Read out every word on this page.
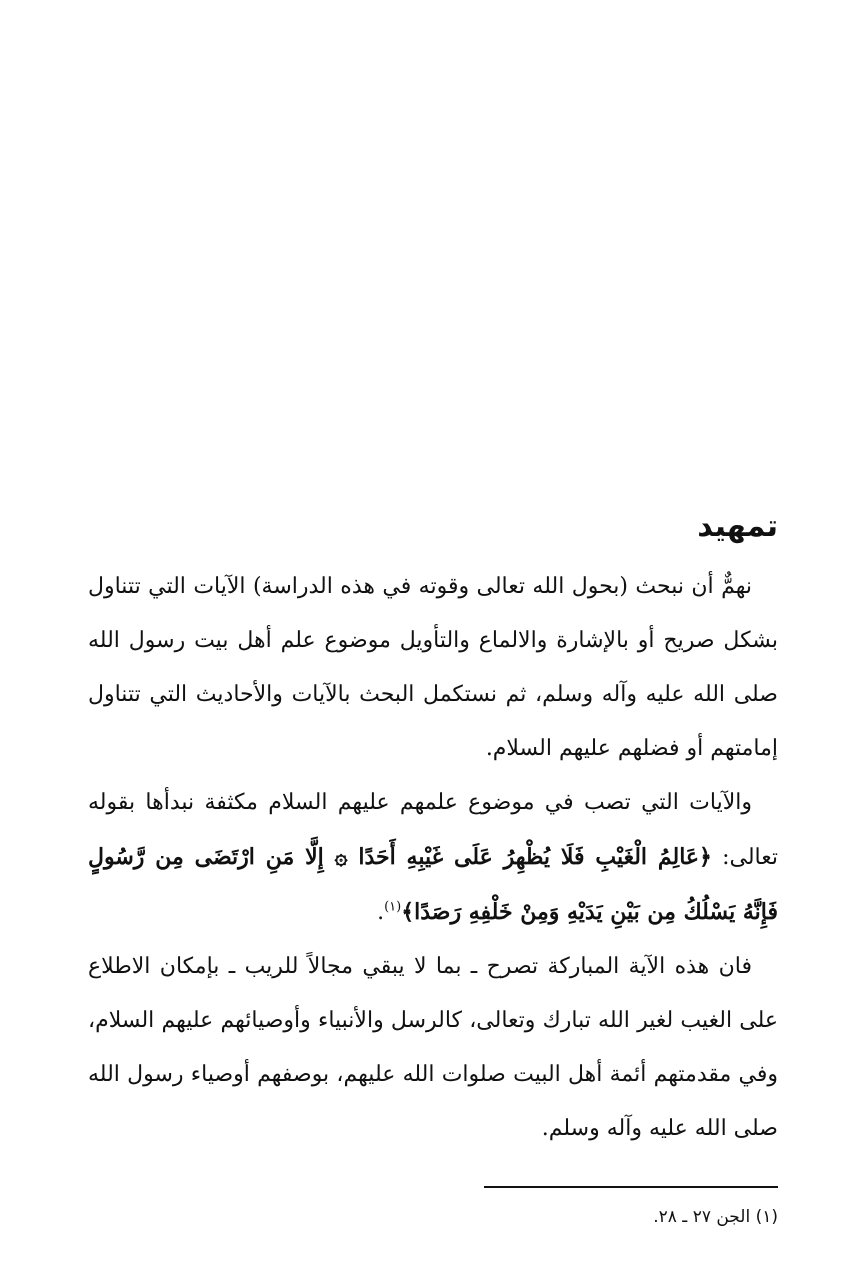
تمهيد

نهمٌّ أن نبحث (بحول الله تعالى وقوته في هذه الدراسة) الآيات التي تتناول بشكل صريح أو بالإشارة والالماع والتأويل موضوع علم أهل بيت رسول الله صلى الله عليه وآله وسلم، ثم نستكمل البحث بالآيات والأحاديث التي تتناول إمامتهم أو فضلهم عليهم السلام.

والآيات التي تصب في موضوع علمهم عليهم السلام مكثفة نبدأها بقوله تعالى: ﴿عَالِمُ الْغَيْبِ فَلَا يُظْهِرُ عَلَى غَيْبِهِ أَحَدًا ۞ إِلَّا مَنِ ارْتَضَى مِن رَّسُولٍ فَإِنَّهُ يَسْلُكُ مِن بَيْنِ يَدَيْهِ وَمِنْ خَلْفِهِ رَصَدًا﴾$^{(١)}$.

فان هذه الآية المباركة تصرح ـ بما لا يبقي مجالاً للريب ـ بإمكان الاطلاع على الغيب لغير الله تبارك وتعالى، كالرسل والأنبياء وأوصيائهم عليهم السلام، وفي مقدمتهم أئمة أهل البيت صلوات الله عليهم، بوصفهم أوصياء رسول الله صلى الله عليه وآله وسلم.

(١) الجن ٢٧ ـ ٢٨.
